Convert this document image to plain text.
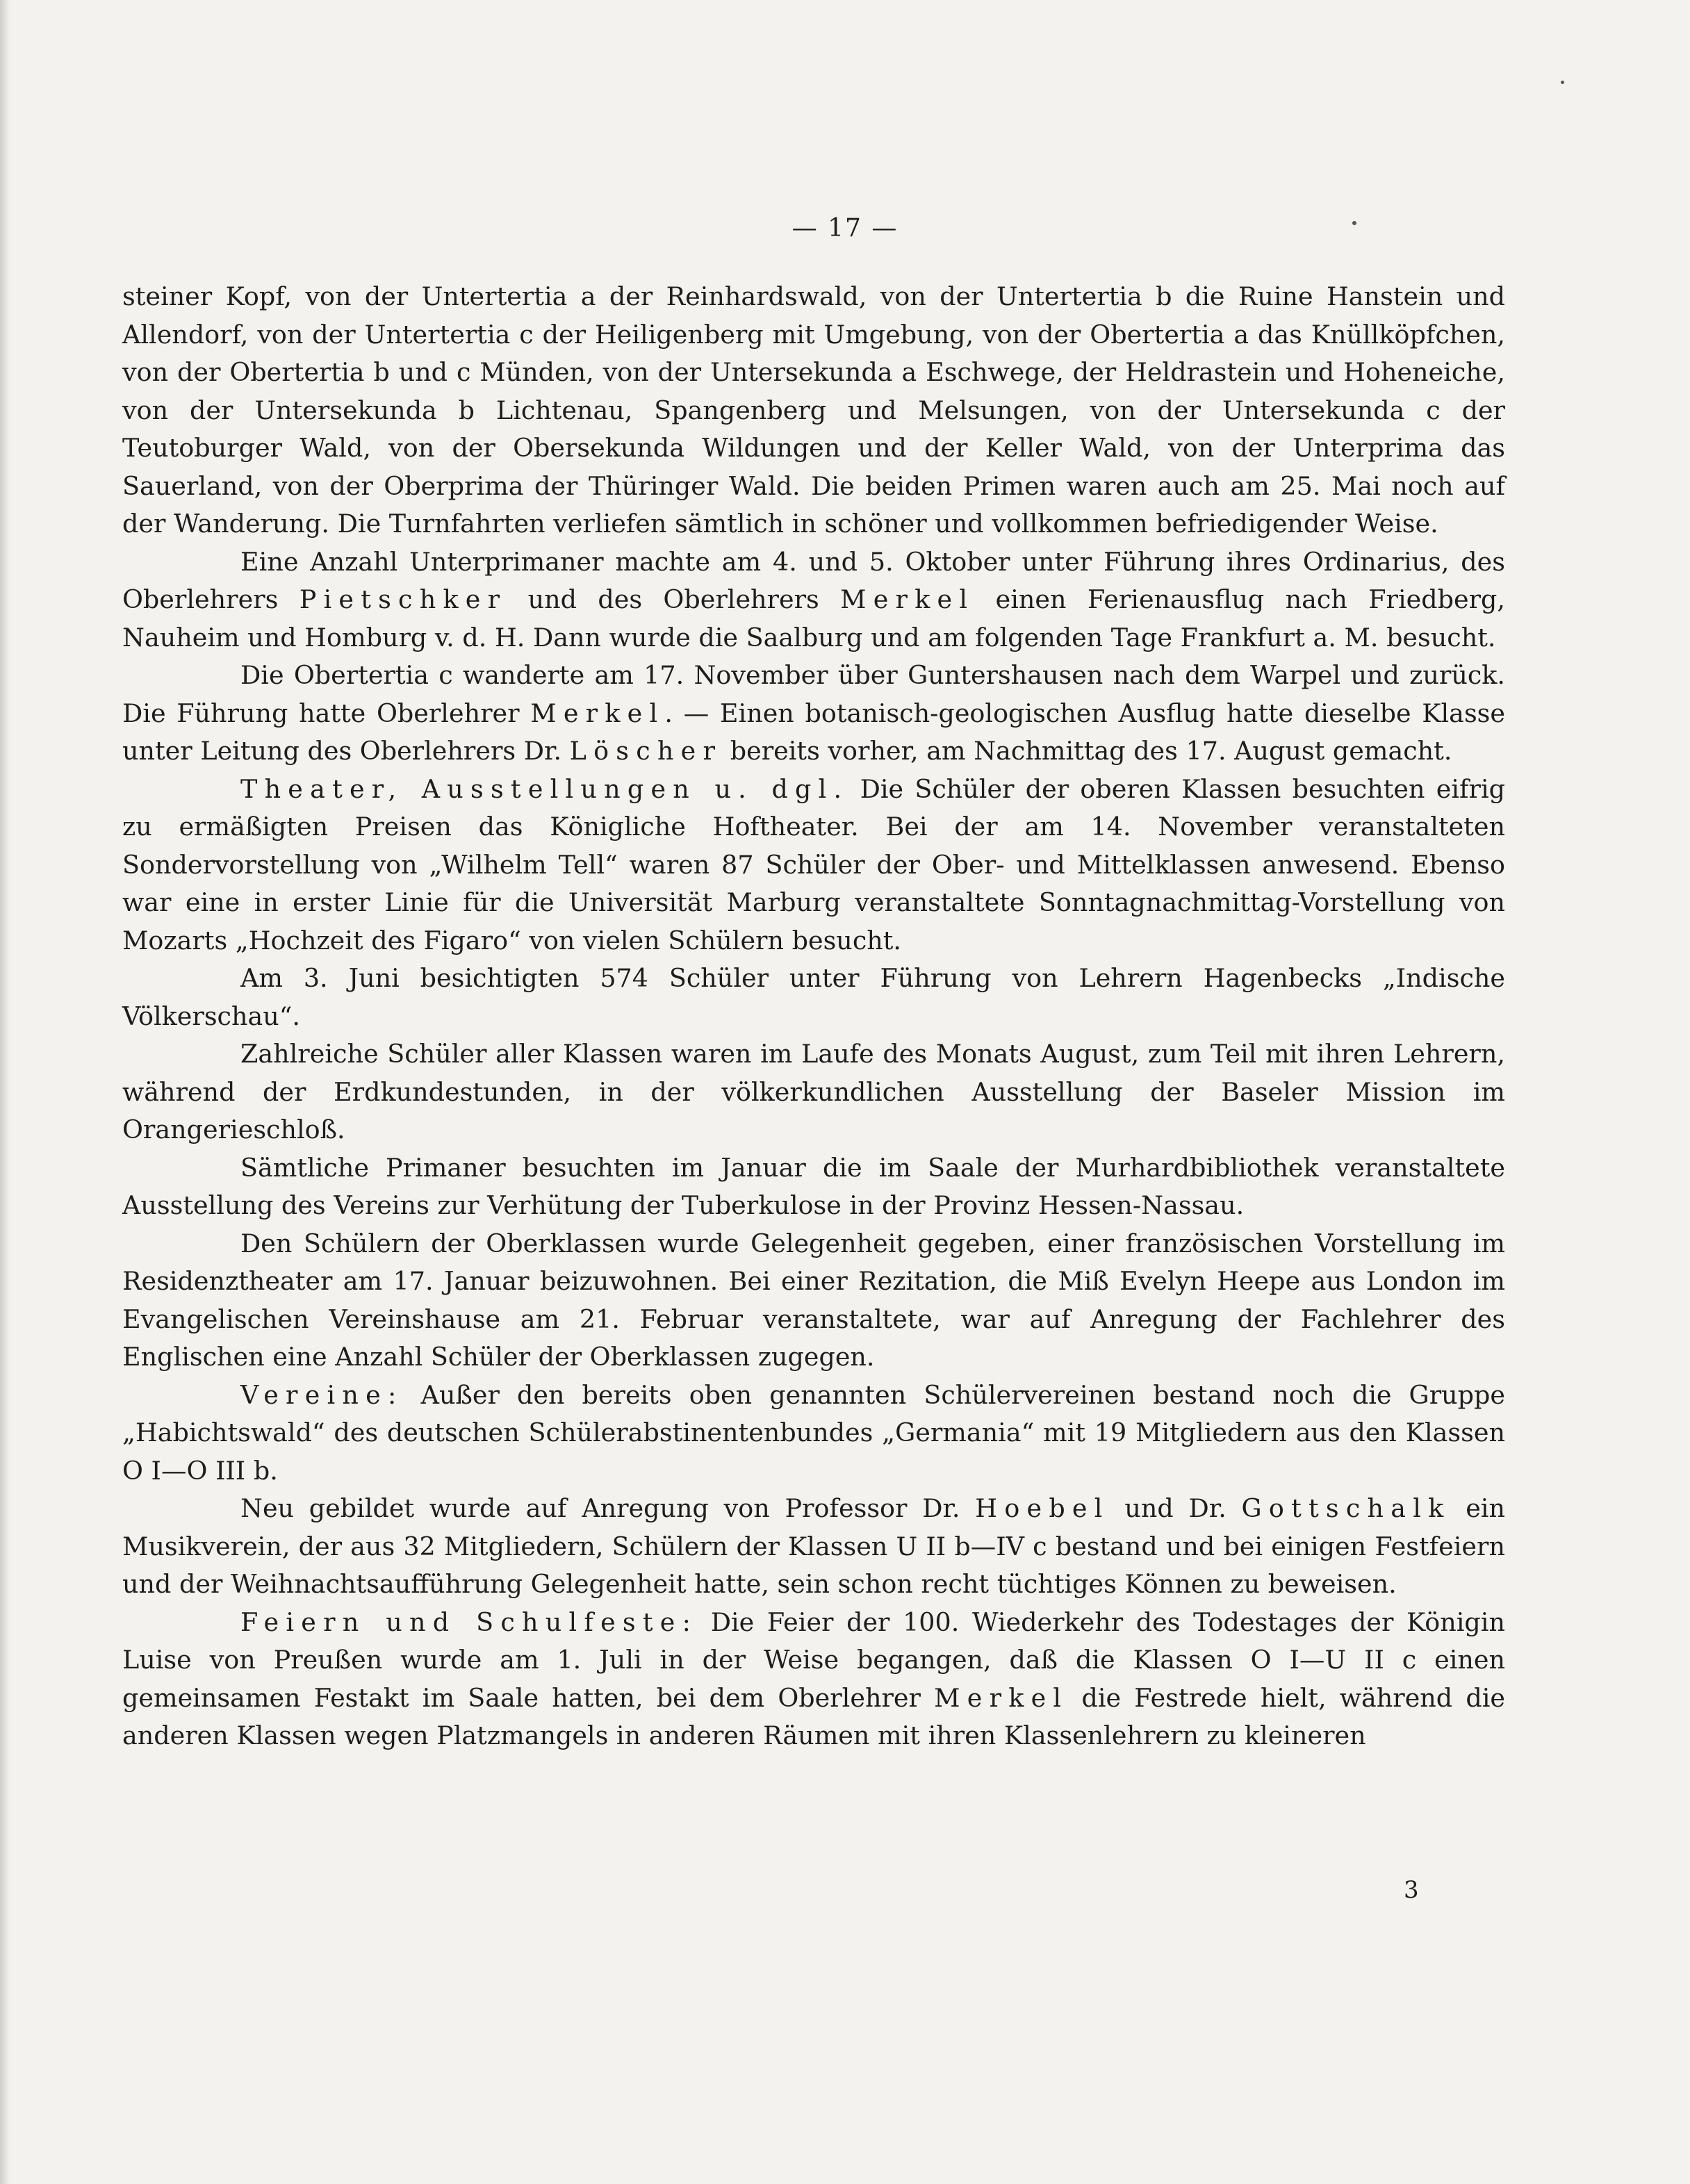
— 17 —

steiner Kopf, von der Untertertia a der Reinhardswald, von der Untertertia b die Ruine Hanstein und Allendorf, von der Untertertia c der Heiligenberg mit Umgebung, von der Obertertia a das Knüllköpfchen, von der Obertertia b und c Münden, von der Untersekunda a Eschwege, der Heldrastein und Hoheneiche, von der Untersekunda b Lichtenau, Spangenberg und Melsungen, von der Untersekunda c der Teutoburger Wald, von der Obersekunda Wildungen und der Keller Wald, von der Unterprima das Sauerland, von der Oberprima der Thüringer Wald. Die beiden Primen waren auch am 25. Mai noch auf der Wanderung. Die Turnfahrten verliefen sämtlich in schöner und vollkommen befriedigender Weise.

Eine Anzahl Unterprimaner machte am 4. und 5. Oktober unter Führung ihres Ordinarius, des Oberlehrers Pietschker und des Oberlehrers Merkel einen Ferienausflug nach Friedberg, Nauheim und Homburg v. d. H. Dann wurde die Saalburg und am folgenden Tage Frankfurt a. M. besucht.

Die Obertertia c wanderte am 17. November über Guntershausen nach dem Warpel und zurück. Die Führung hatte Oberlehrer Merkel. — Einen botanisch-geologischen Ausflug hatte dieselbe Klasse unter Leitung des Oberlehrers Dr. Löscher bereits vorher, am Nachmittag des 17. August gemacht.

Theater, Ausstellungen u. dgl. Die Schüler der oberen Klassen besuchten eifrig zu ermäßigten Preisen das Königliche Hoftheater. Bei der am 14. November veranstalteten Sondervorstellung von „Wilhelm Tell“ waren 87 Schüler der Ober- und Mittelklassen anwesend. Ebenso war eine in erster Linie für die Universität Marburg veranstaltete Sonntagnachmittag-Vorstellung von Mozarts „Hochzeit des Figaro“ von vielen Schülern besucht.

Am 3. Juni besichtigten 574 Schüler unter Führung von Lehrern Hagenbecks „Indische Völkerschau“.

Zahlreiche Schüler aller Klassen waren im Laufe des Monats August, zum Teil mit ihren Lehrern, während der Erdkundestunden, in der völkerkundlichen Ausstellung der Baseler Mission im Orangerieschloß.

Sämtliche Primaner besuchten im Januar die im Saale der Murhardbibliothek veranstaltete Ausstellung des Vereins zur Verhütung der Tuberkulose in der Provinz Hessen-Nassau.

Den Schülern der Oberklassen wurde Gelegenheit gegeben, einer französischen Vorstellung im Residenztheater am 17. Januar beizuwohnen. Bei einer Rezitation, die Miß Evelyn Heepe aus London im Evangelischen Vereinshause am 21. Februar veranstaltete, war auf Anregung der Fachlehrer des Englischen eine Anzahl Schüler der Oberklassen zugegen.

Vereine: Außer den bereits oben genannten Schülervereinen bestand noch die Gruppe „Habichtswald“ des deutschen Schülerabstinentenbundes „Germania“ mit 19 Mitgliedern aus den Klassen O I—O III b.

Neu gebildet wurde auf Anregung von Professor Dr. Hoebel und Dr. Gottschalk ein Musikverein, der aus 32 Mitgliedern, Schülern der Klassen U II b—IV c bestand und bei einigen Festfeiern und der Weihnachtsaufführung Gelegenheit hatte, sein schon recht tüchtiges Können zu beweisen.

Feiern und Schulfeste: Die Feier der 100. Wiederkehr des Todestages der Königin Luise von Preußen wurde am 1. Juli in der Weise begangen, daß die Klassen O I—U II c einen gemeinsamen Festakt im Saale hatten, bei dem Oberlehrer Merkel die Festrede hielt, während die anderen Klassen wegen Platzmangels in anderen Räumen mit ihren Klassenlehrern zu kleineren

3
